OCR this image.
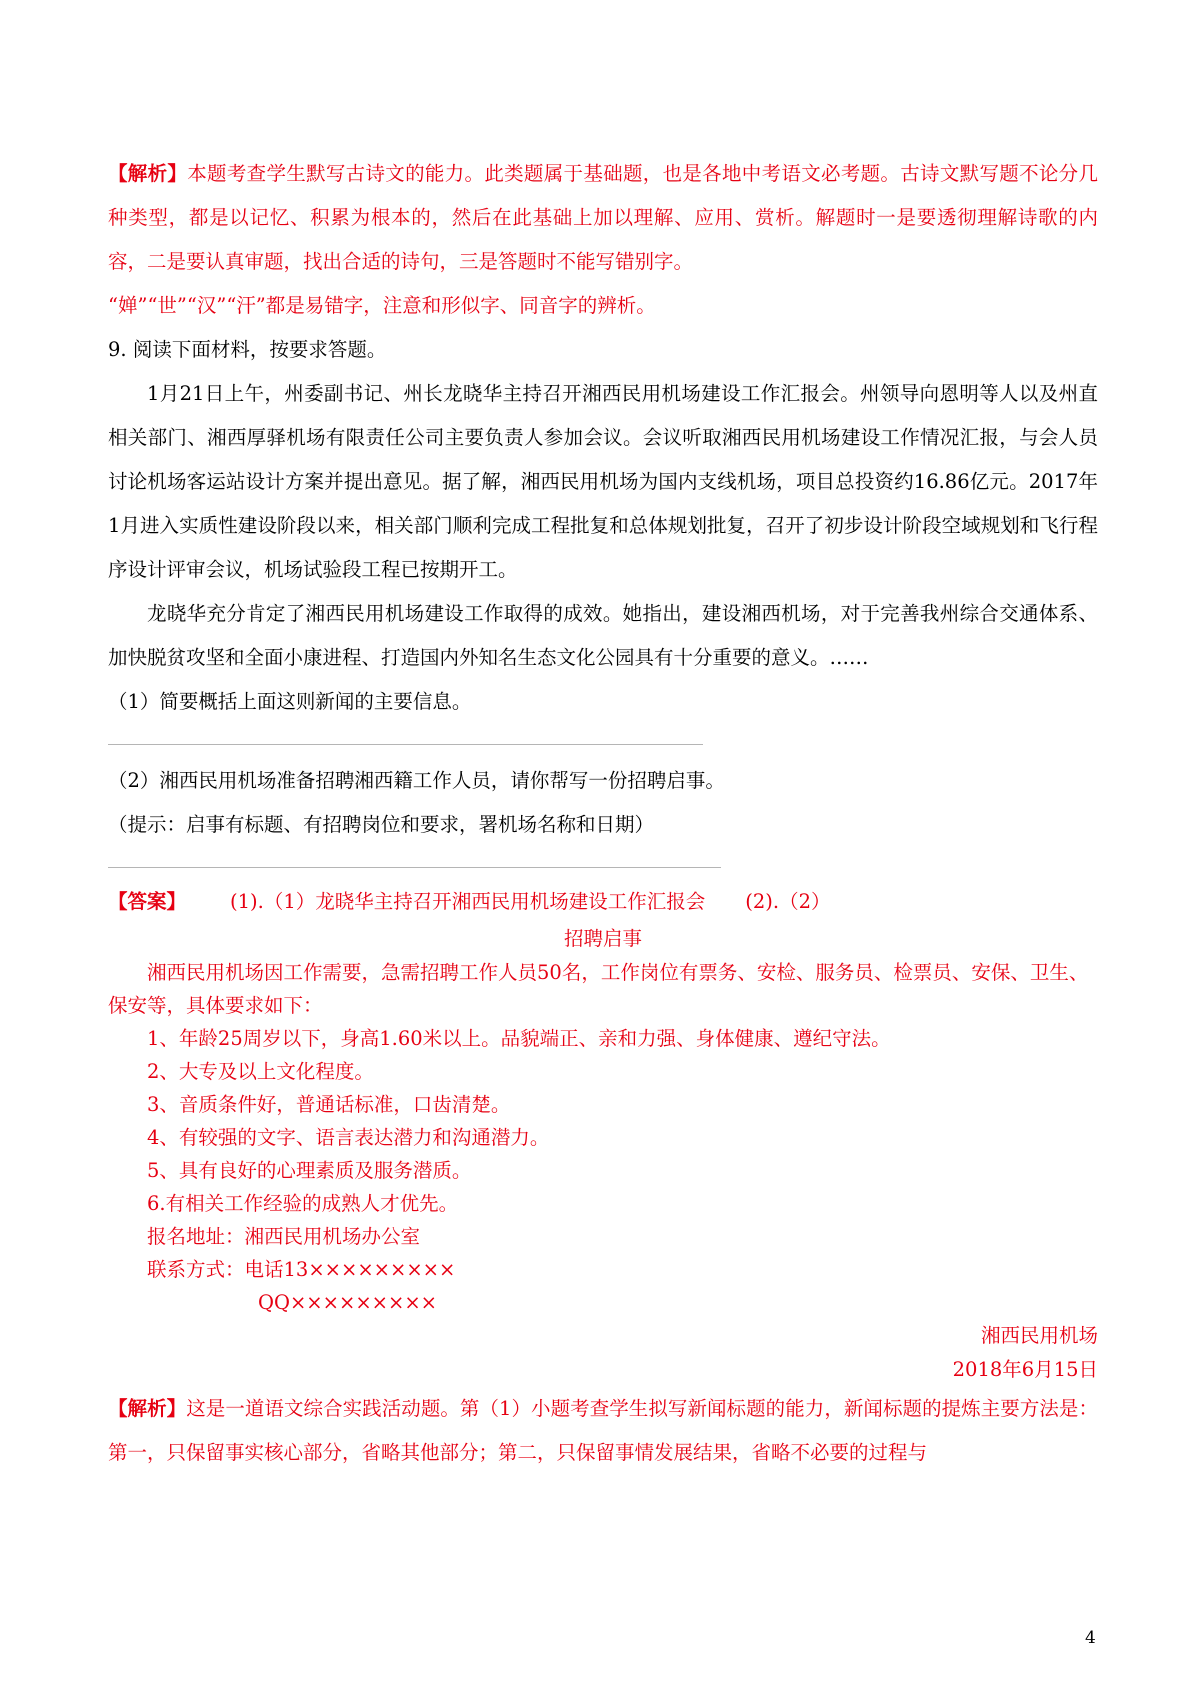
【解析】本题考查学生默写古诗文的能力。此类题属于基础题，也是各地中考语文必考题。古诗文默写题不论分几种类型，都是以记忆、积累为根本的，然后在此基础上加以理解、应用、赏析。解题时一是要透彻理解诗歌的内容，二是要认真审题，找出合适的诗句，三是答题时不能写错别字。

“婵”“世”“汉”“汗”都是易错字，注意和形似字、同音字的辨析。

9. 阅读下面材料，按要求答题。

1月21日上午，州委副书记、州长龙晓华主持召开湘西民用机场建设工作汇报会。州领导向恩明等人以及州直相关部门、湘西厚驿机场有限责任公司主要负责人参加会议。会议听取湘西民用机场建设工作情况汇报，与会人员讨论机场客运站设计方案并提出意见。据了解，湘西民用机场为国内支线机场，项目总投资约16.86亿元。2017年1月进入实质性建设阶段以来，相关部门顺利完成工程批复和总体规划批复，召开了初步设计阶段空域规划和飞行程序设计评审会议，机场试验段工程已按期开工。

龙晓华充分肯定了湘西民用机场建设工作取得的成效。她指出，建设湘西机场，对于完善我州综合交通体系、加快脱贫攻坚和全面小康进程、打造国内外知名生态文化公园具有十分重要的意义。……

（1）简要概括上面这则新闻的主要信息。

（2）湘西民用机场准备招聘湘西籍工作人员，请你帮写一份招聘启事。

（提示：启事有标题、有招聘岗位和要求，署机场名称和日期）

【答案】 (1).（1）龙晓华主持召开湘西民用机场建设工作汇报会 (2).（2）

招聘启事

湘西民用机场因工作需要，急需招聘工作人员50名，工作岗位有票务、安检、服务员、检票员、安保、卫生、保安等，具体要求如下：

1、年龄25周岁以下，身高1.60米以上。品貌端正、亲和力强、身体健康、遵纪守法。

2、大专及以上文化程度。

3、音质条件好，普通话标准，口齿清楚。

4、有较强的文字、语言表达潜力和沟通潜力。

5、具有良好的心理素质及服务潜质。

6.有相关工作经验的成熟人才优先。

报名地址：湘西民用机场办公室

联系方式：电话13×××××××××

QQ×××××××××

湘西民用机场

2018年6月15日

【解析】这是一道语文综合实践活动题。第（1）小题考查学生拟写新闻标题的能力，新闻标题的提炼主要方法是：第一，只保留事实核心部分，省略其他部分；第二，只保留事情发展结果，省略不必要的过程与

4
